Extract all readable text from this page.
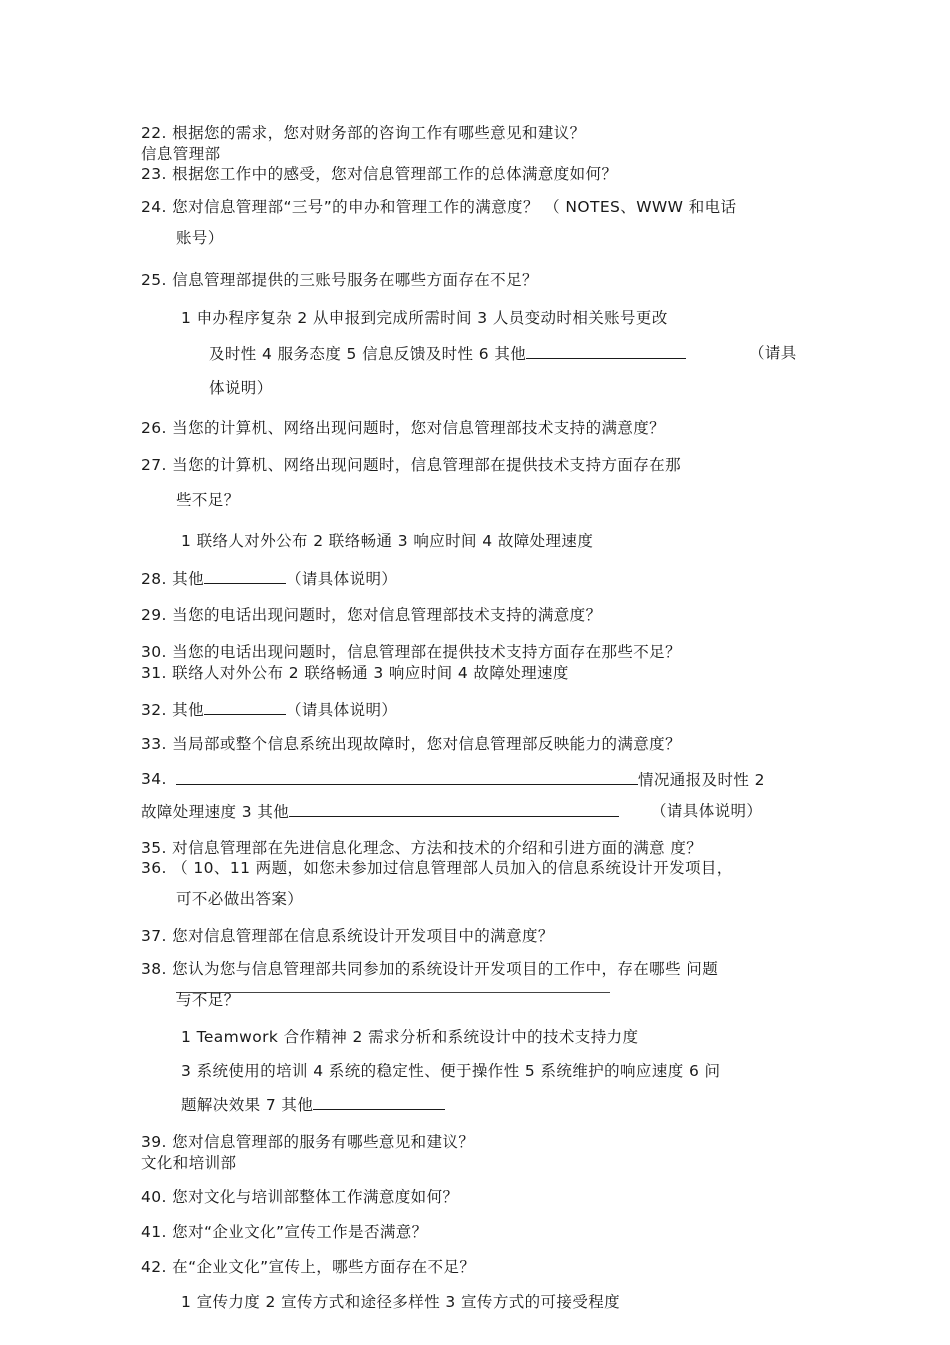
22. 根据您的需求，您对财务部的咨询工作有哪些意见和建议？
信息管理部
23. 根据您工作中的感受，您对信息管理部工作的总体满意度如何？
24. 您对信息管理部“三号”的申办和管理工作的满意度？ （ NOTES、WWW 和电话
账号）
25. 信息管理部提供的三账号服务在哪些方面存在不足？
1 申办程序复杂 2 从申报到完成所需时间 3 人员变动时相关账号更改
及时性 4 服务态度 5 信息反馈及时性 6 其他	（请具
体说明）
26. 当您的计算机、网络出现问题时，您对信息管理部技术支持的满意度？
27. 当您的计算机、网络出现问题时，信息管理部在提供技术支持方面存在那
些不足？
1 联络人对外公布 2 联络畅通 3 响应时间 4 故障处理速度
28. 其他	（请具体说明）
29. 当您的电话出现问题时，您对信息管理部技术支持的满意度？
30. 当您的电话出现问题时，信息管理部在提供技术支持方面存在那些不足？
31. 联络人对外公布 2 联络畅通 3 响应时间 4 故障处理速度
32. 其他	（请具体说明）
33. 当局部或整个信息系统出现故障时，您对信息管理部反映能力的满意度？
34.	情况通报及时性 2
故障处理速度 3 其他	（请具体说明）
35. 对信息管理部在先进信息化理念、方法和技术的介绍和引进方面的满意 度？
36. （ 10、11 两题，如您未参加过信息管理部人员加入的信息系统设计开发项目，
可不必做出答案）
37. 您对信息管理部在信息系统设计开发项目中的满意度？
38. 您认为您与信息管理部共同参加的系统设计开发项目的工作中，存在哪些 问题
与不足？
1 Teamwork 合作精神 2 需求分析和系统设计中的技术支持力度
3 系统使用的培训 4 系统的稳定性、便于操作性 5 系统维护的响应速度 6 问
题解决效果 7 其他
39. 您对信息管理部的服务有哪些意见和建议？
文化和培训部
40. 您对文化与培训部整体工作满意度如何？
41. 您对“企业文化”宣传工作是否满意？
42. 在“企业文化”宣传上，哪些方面存在不足？
1 宣传力度 2 宣传方式和途径多样性 3 宣传方式的可接受程度
